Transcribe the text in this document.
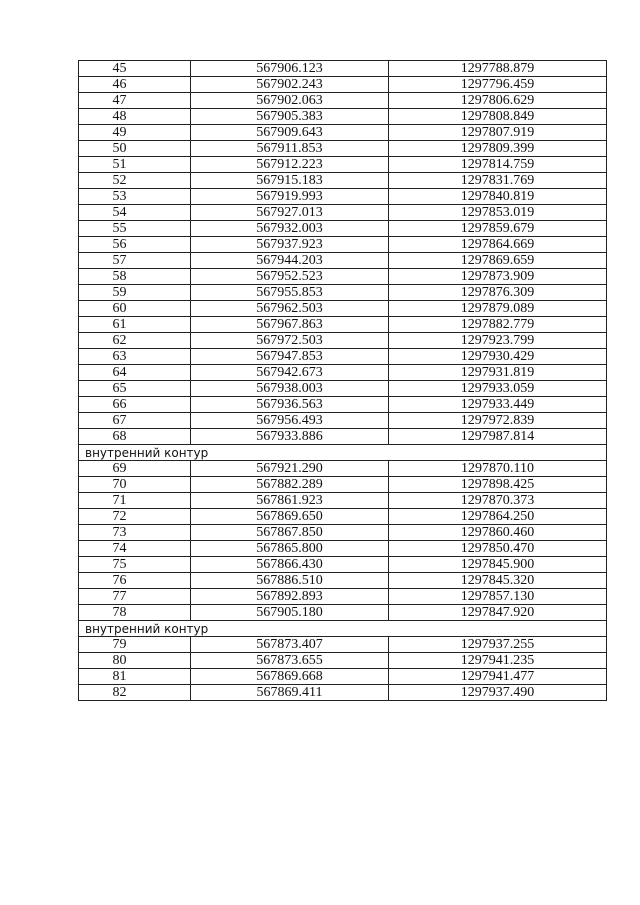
45	567906.123	1297788.879
46	567902.243	1297796.459
47	567902.063	1297806.629
48	567905.383	1297808.849
49	567909.643	1297807.919
50	567911.853	1297809.399
51	567912.223	1297814.759
52	567915.183	1297831.769
53	567919.993	1297840.819
54	567927.013	1297853.019
55	567932.003	1297859.679
56	567937.923	1297864.669
57	567944.203	1297869.659
58	567952.523	1297873.909
59	567955.853	1297876.309
60	567962.503	1297879.089
61	567967.863	1297882.779
62	567972.503	1297923.799
63	567947.853	1297930.429
64	567942.673	1297931.819
65	567938.003	1297933.059
66	567936.563	1297933.449
67	567956.493	1297972.839
68	567933.886	1297987.814
внутренний контур		
69	567921.290	1297870.110
70	567882.289	1297898.425
71	567861.923	1297870.373
72	567869.650	1297864.250
73	567867.850	1297860.460
74	567865.800	1297850.470
75	567866.430	1297845.900
76	567886.510	1297845.320
77	567892.893	1297857.130
78	567905.180	1297847.920
внутренний контур		
79	567873.407	1297937.255
80	567873.655	1297941.235
81	567869.668	1297941.477
82	567869.411	1297937.490
